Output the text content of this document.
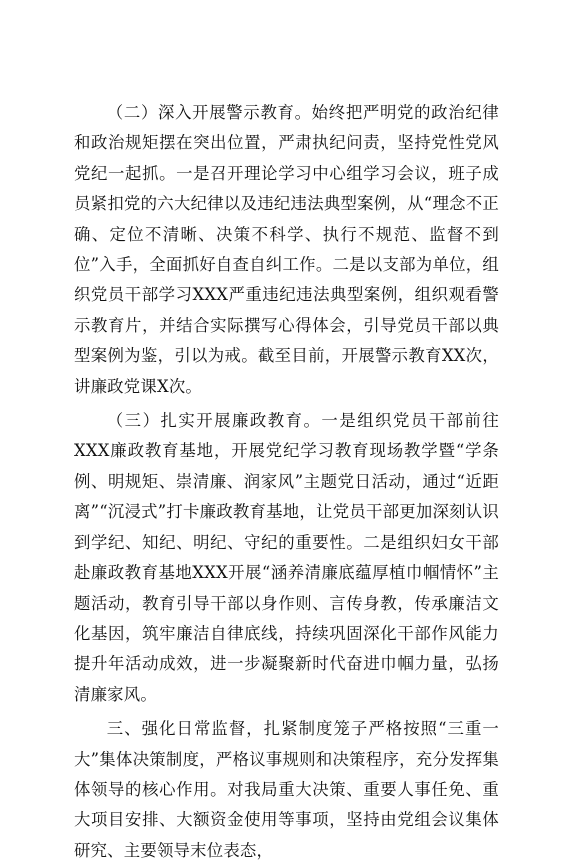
（二）深入开展警示教育。始终把严明党的政治纪律和政治规矩摆在突出位置，严肃执纪问责，坚持党性党风党纪一起抓。一是召开理论学习中心组学习会议，班子成员紧扣党的六大纪律以及违纪违法典型案例，从“理念不正确、定位不清晰、决策不科学、执行不规范、监督不到位”入手，全面抓好自查自纠工作。二是以支部为单位，组织党员干部学习XXX严重违纪违法典型案例，组织观看警示教育片，并结合实际撰写心得体会，引导党员干部以典型案例为鉴，引以为戒。截至目前，开展警示教育XX次，讲廉政党课X次。

（三）扎实开展廉政教育。一是组织党员干部前往XXX廉政教育基地，开展党纪学习教育现场教学暨“学条例、明规矩、崇清廉、润家风”主题党日活动，通过“近距离”“沉浸式”打卡廉政教育基地，让党员干部更加深刻认识到学纪、知纪、明纪、守纪的重要性。二是组织妇女干部赴廉政教育基地XXX开展“涵养清廉底蕴厚植巾帼情怀”主题活动，教育引导干部以身作则、言传身教，传承廉洁文化基因，筑牢廉洁自律底线，持续巩固深化干部作风能力提升年活动成效，进一步凝聚新时代奋进巾帼力量，弘扬清廉家风。

三、强化日常监督，扎紧制度笼子严格按照“三重一大”集体决策制度，严格议事规则和决策程序，充分发挥集体领导的核心作用。对我局重大决策、重要人事任免、重大项目安排、大额资金使用等事项，坚持由党组会议集体研究、主要领导末位表态，
